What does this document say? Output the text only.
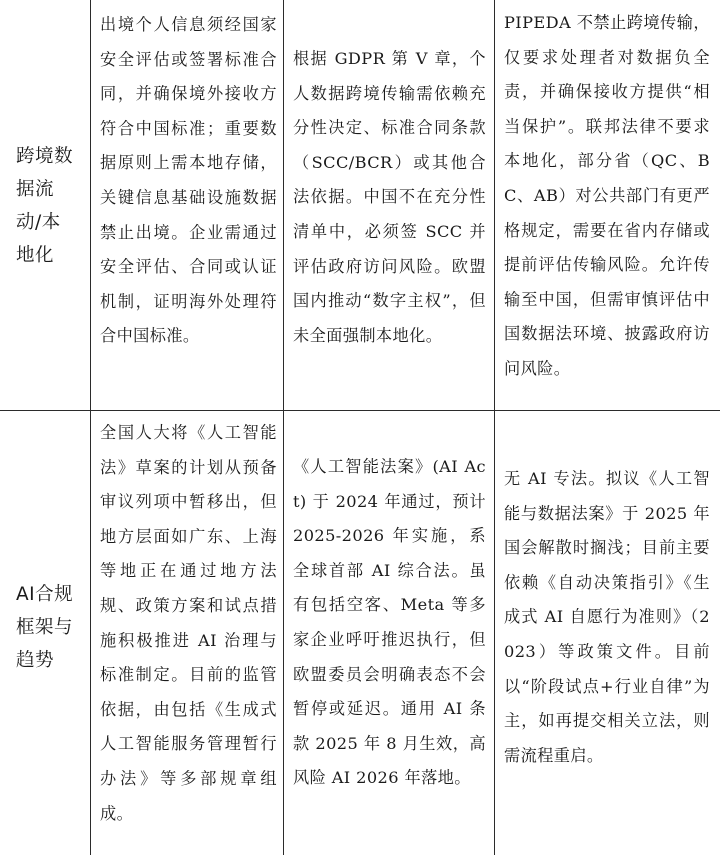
跨境数据流动/本地化
出境个人信息须经国家安全评估或签署标准合同，并确保境外接收方符合中国标准；重要数据原则上需本地存储，关键信息基础设施数据禁止出境。企业需通过安全评估、合同或认证机制，证明海外处理符合中国标准。
根据 GDPR 第 V 章，个人数据跨境传输需依赖充分性决定、标准合同条款（SCC/BCR）或其他合法依据。中国不在充分性清单中，必须签 SCC 并评估政府访问风险。欧盟国内推动“数字主权”，但未全面强制本地化。
PIPEDA 不禁止跨境传输，仅要求处理者对数据负全责，并确保接收方提供“相当保护”。联邦法律不要求本地化，部分省（QC、BC、AB）对公共部门有更严格规定，需要在省内存储或提前评估传输风险。允许传输至中国，但需审慎评估中国数据法环境、披露政府访问风险。
AI合规框架与趋势
全国人大将《人工智能法》草案的计划从预备审议列项中暂移出，但地方层面如广东、上海等地正在通过地方法规、政策方案和试点措施积极推进 AI 治理与标准制定。目前的监管依据，由包括《生成式人工智能服务管理暂行办法》等多部规章组成。
《人工智能法案》(AI Act) 于 2024 年通过，预计 2025-2026 年实施，系全球首部 AI 综合法。虽有包括空客、Meta 等多家企业呼吁推迟执行，但欧盟委员会明确表态不会暂停或延迟。通用 AI 条款 2025 年 8 月生效，高风险 AI 2026 年落地。
无 AI 专法。拟议《人工智能与数据法案》于 2025 年国会解散时搁浅；目前主要依赖《自动决策指引》《生成式 AI 自愿行为准则》（2023）等政策文件。目前以“阶段试点+行业自律”为主，如再提交相关立法，则需流程重启。
